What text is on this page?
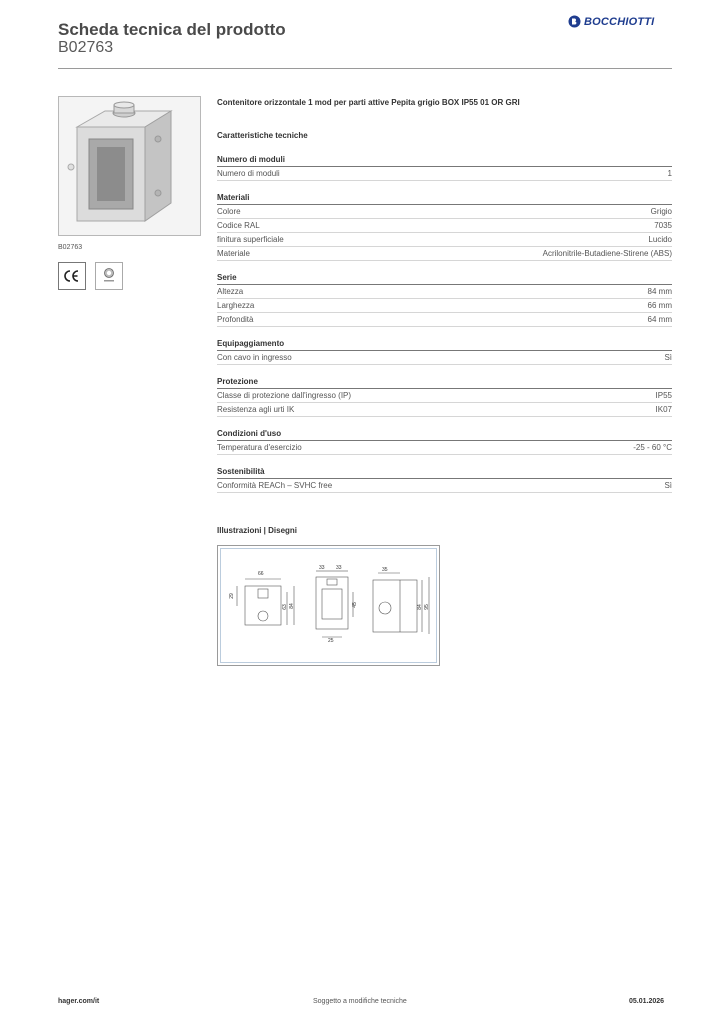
Scheda tecnica del prodotto
B02763
BOCCHIOTTI
B02763
Contenitore orizzontale 1 mod per parti attive Pepita grigio BOX IP55 01 OR GRI
Caratteristiche tecniche
Numero di moduli
Numero di moduli	1
Materiali
Colore	Grigio
Codice RAL	7035
finitura superficiale	Lucido
Materiale	Acrilonitrile-Butadiene-Stirene (ABS)
Serie
Altezza	84 mm
Larghezza	66 mm
Profondità	64 mm
Equipaggiamento
Con cavo in ingresso	Sì
Protezione
Classe di protezione dall'ingresso (IP)	IP55
Resistenza agli urti IK	IK07
Condizioni d'uso
Temperatura d'esercizio	-25 - 60 °C
Sostenibilità
Conformità REACh – SVHC free	Sì
Illustrazioni | Disegni
66
29
63 84
33 33
45
25
35
84 95
hager.com/it	Soggetto a modifiche tecniche	05.01.2026
